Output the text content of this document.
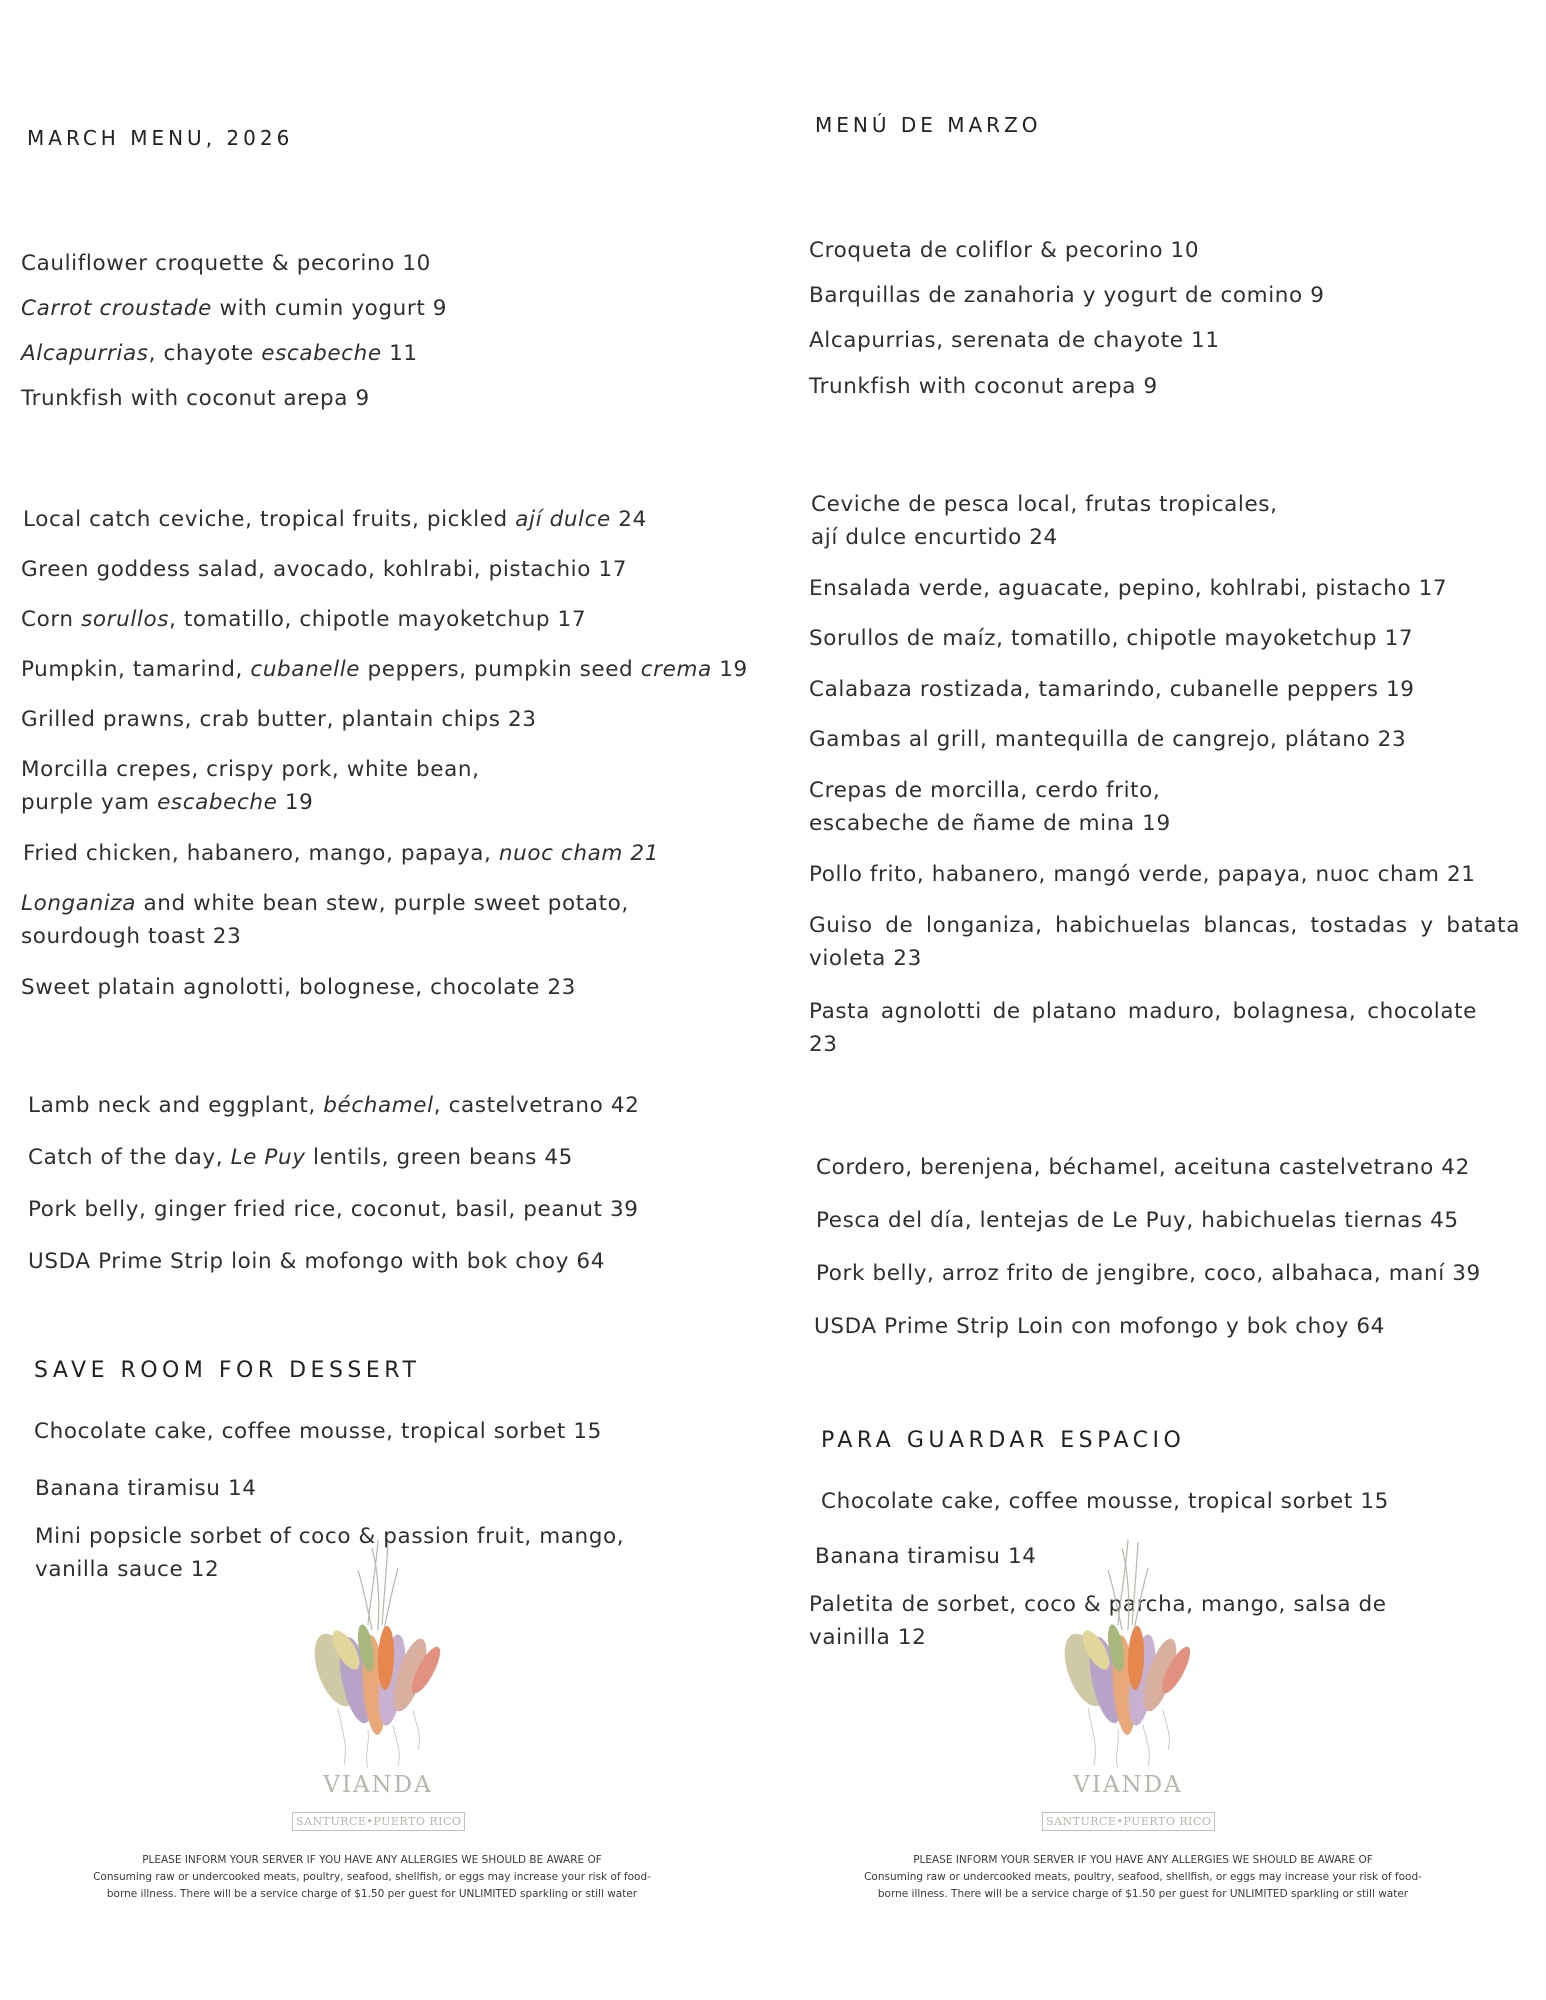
MARCH MENU, 2026
Cauliflower croquette & pecorino 10
Carrot croustade with cumin yogurt 9
Alcapurrias, chayote escabeche 11
Trunkfish with coconut arepa 9
Local catch ceviche, tropical fruits, pickled ají dulce 24
Green goddess salad, avocado, kohlrabi, pistachio 17
Corn sorullos, tomatillo, chipotle mayoketchup 17
Pumpkin, tamarind, cubanelle peppers, pumpkin seed crema 19
Grilled prawns, crab butter, plantain chips 23
Morcilla crepes, crispy pork, white bean,
purple yam escabeche 19
Fried chicken, habanero, mango, papaya, nuoc cham 21
Longaniza and white bean stew, purple sweet potato,
sourdough toast 23
Sweet platain agnolotti, bolognese, chocolate 23
Lamb neck and eggplant, béchamel, castelvetrano 42
Catch of the day, Le Puy lentils, green beans 45
Pork belly, ginger fried rice, coconut, basil, peanut 39
USDA Prime Strip loin & mofongo with bok choy 64
SAVE ROOM FOR DESSERT
Chocolate cake, coffee mousse, tropical sorbet 15
Banana tiramisu 14
Mini popsicle sorbet of coco & passion fruit, mango, vanilla sauce 12
VIANDA
SANTURCE•PUERTO RICO
PLEASE INFORM YOUR SERVER IF YOU HAVE ANY ALLERGIES WE SHOULD BE AWARE OF
Consuming raw or undercooked meats, poultry, seafood, shellfish, or eggs may increase your risk of food-
borne illness. There will be a service charge of $1.50 per guest for UNLIMITED sparkling or still water
MENÚ DE MARZO
Croqueta de coliflor & pecorino 10
Barquillas de zanahoria y yogurt de comino 9
Alcapurrias, serenata de chayote 11
Trunkfish with coconut arepa 9
Ceviche de pesca local, frutas tropicales, ají dulce encurtido 24
Ensalada verde, aguacate, pepino, kohlrabi, pistacho 17
Sorullos de maíz, tomatillo, chipotle mayoketchup 17
Calabaza rostizada, tamarindo, cubanelle peppers 19
Gambas al grill, mantequilla de cangrejo, plátano 23
Crepas de morcilla, cerdo frito, escabeche de ñame de mina 19
Pollo frito, habanero, mangó verde, papaya, nuoc cham 21
Guiso de longaniza, habichuelas blancas, tostadas y batata violeta 23
Pasta agnolotti de platano maduro, bolagnesa, chocolate 23
Cordero, berenjena, béchamel, aceituna castelvetrano 42
Pesca del día, lentejas de Le Puy, habichuelas tiernas 45
Pork belly, arroz frito de jengibre, coco, albahaca, maní 39
USDA Prime Strip Loin con mofongo y bok choy 64
PARA GUARDAR ESPACIO
Chocolate cake, coffee mousse, tropical sorbet 15
Banana tiramisu 14
Paletita de sorbet, coco & parcha, mango, salsa de vainilla 12
VIANDA
SANTURCE•PUERTO RICO
PLEASE INFORM YOUR SERVER IF YOU HAVE ANY ALLERGIES WE SHOULD BE AWARE OF
Consuming raw or undercooked meats, poultry, seafood, shellfish, or eggs may increase your risk of food-
borne illness. There will be a service charge of $1.50 per guest for UNLIMITED sparkling or still water
